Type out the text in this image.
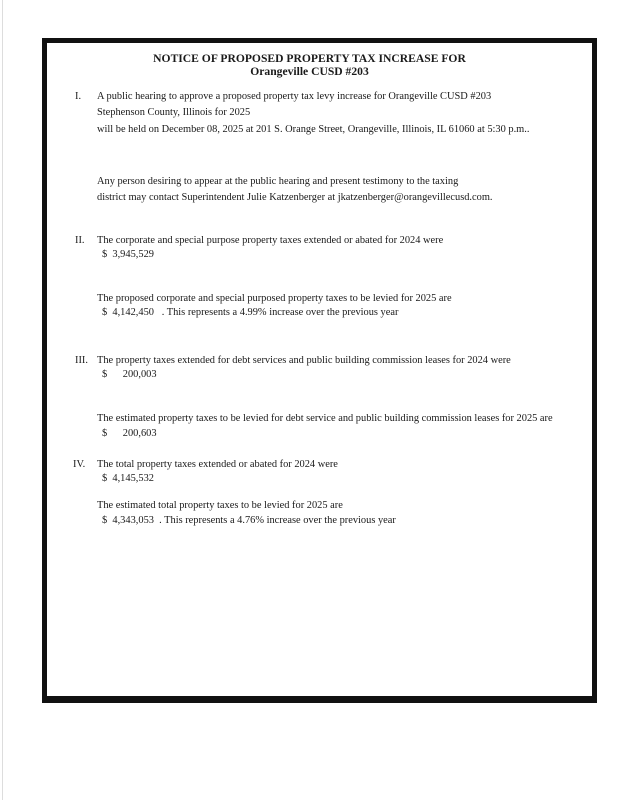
NOTICE OF PROPOSED PROPERTY TAX INCREASE FOR
Orangeville CUSD #203
I. A public hearing to approve a proposed property tax levy increase for Orangeville CUSD #203
Stephenson County, Illinois for 2025
will be held on December 08, 2025 at 201 S. Orange Street, Orangeville, Illinois, IL 61060 at 5:30 p.m..
Any person desiring to appear at the public hearing and present testimony to the taxing
district may contact Superintendent Julie Katzenberger at jkatzenberger@orangevillecusd.com.
II. The corporate and special purpose property taxes extended or abated for 2024 were
$  3,945,529
The proposed corporate and special purposed property taxes to be levied for 2025 are
$  4,142,450   . This represents a 4.99% increase over the previous year
III. The property taxes extended for debt services and public building commission leases for 2024 were
$      200,003
The estimated property taxes to be levied for debt service and public building commission leases for 2025 are
$      200,603
IV. The total property taxes extended or abated for 2024 were
$  4,145,532
The estimated total property taxes to be levied for 2025 are
$  4,343,053  . This represents a 4.76% increase over the previous year
